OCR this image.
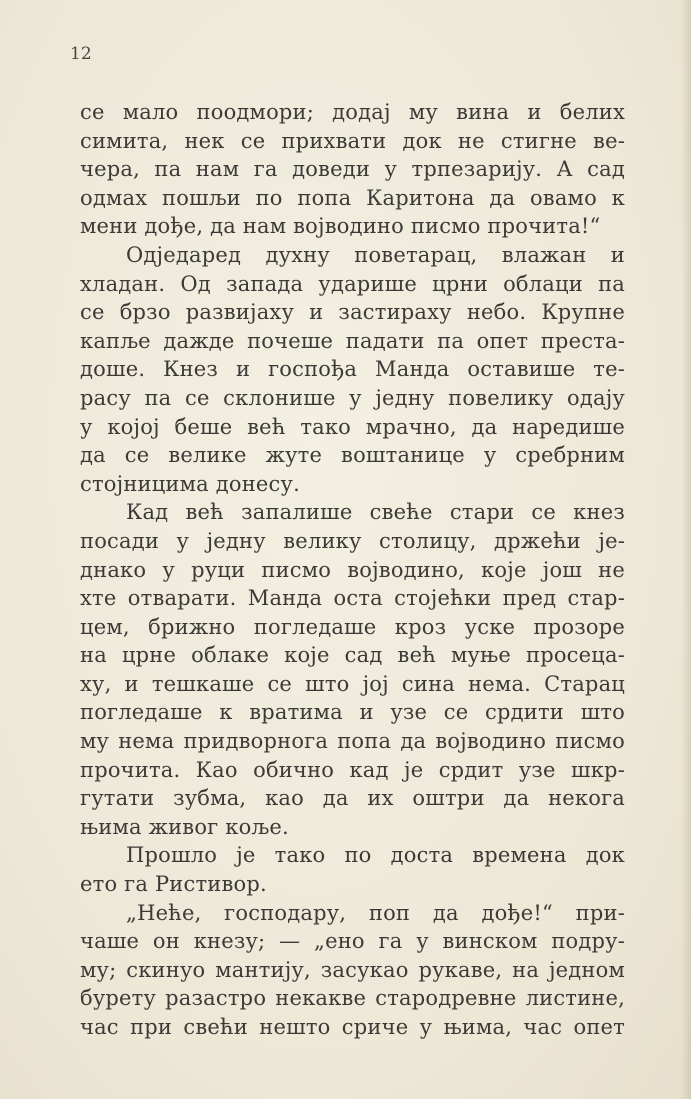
12
се мало поодмори; додај му вина и белих
симита, нек се прихвати док не стигне ве-
чера, па нам га доведи у трпезарију. А сад
одмах пошљи по попа Каритона да овамо к
мени дође, да нам војводино писмо прочита!“
Одједаред духну поветарац, влажан и
хладан. Од запада ударише црни облаци па
се брзо развијаху и застираху небо. Крупне
капље дажде почеше падати па опет преста-
доше. Кнез и госпођа Манда оставише те-
расу па се склонише у једну повелику одају
у којој беше већ тако мрачно, да наредише
да се велике жуте воштанице у сребрним
стојницима донесу.
Кад већ запалише свеће стари се кнез
посади у једну велику столицу, држећи је-
днако у руци писмо војводино, које још не
хте отварати. Манда оста стојећки пред стар-
цем, брижно погледаше кроз уске прозоре
на црне облаке које сад већ муње просеца-
ху, и тешкаше се што јој сина нема. Старац
погледаше к вратима и узе се срдити што
му нема придворнога попа да војводино писмо
прочита. Као обично кад је срдит узе шкр-
гутати зубма, као да их оштри да некога
њима живог коље.
Прошло је тако по доста времена док
ето га Ристивор.
„Неће, господару, поп да дође!“ при-
чаше он кнезу; — „ено га у винском подру-
му; скинуо мантију, засукао рукаве, на једном
бурету разастро некакве стародревне листине,
час при свећи нешто сриче у њима, час опет
